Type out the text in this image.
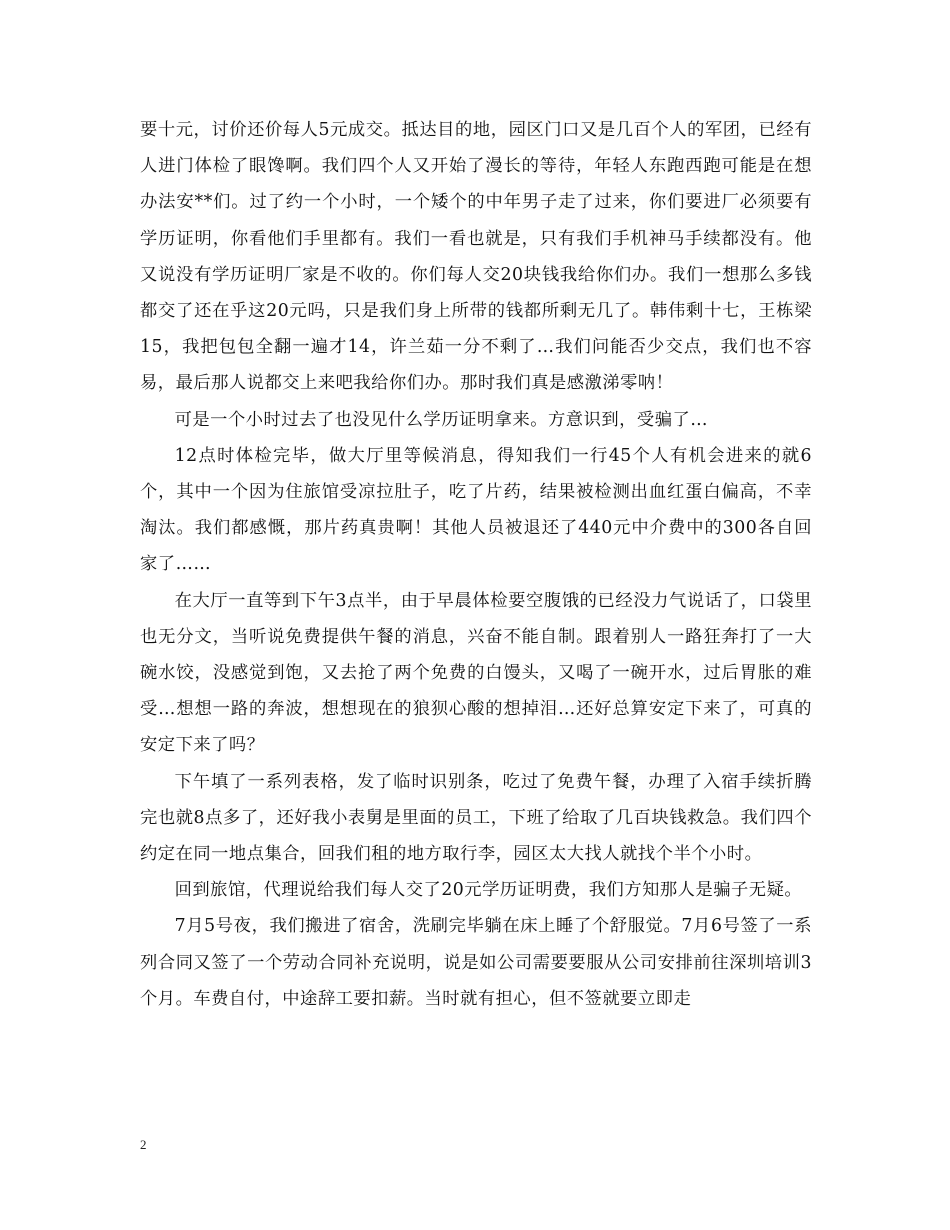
要十元，讨价还价每人5元成交。抵达目的地，园区门口又是几百个人的军团，已经有人进门体检了眼馋啊。我们四个人又开始了漫长的等待，年轻人东跑西跑可能是在想办法安**们。过了约一个小时，一个矮个的中年男子走了过来，你们要进厂必须要有学历证明，你看他们手里都有。我们一看也就是，只有我们手机神马手续都没有。他又说没有学历证明厂家是不收的。你们每人交20块钱我给你们办。我们一想那么多钱都交了还在乎这20元吗，只是我们身上所带的钱都所剩无几了。韩伟剩十七，王栋梁15，我把包包全翻一遍才14，许兰茹一分不剩了…我们问能否少交点，我们也不容易，最后那人说都交上来吧我给你们办。那时我们真是感激涕零呐！

可是一个小时过去了也没见什么学历证明拿来。方意识到，受骗了…

12点时体检完毕，做大厅里等候消息，得知我们一行45个人有机会进来的就6个，其中一个因为住旅馆受凉拉肚子，吃了片药，结果被检测出血红蛋白偏高，不幸淘汰。我们都感慨，那片药真贵啊！其他人员被退还了440元中介费中的300各自回家了……

在大厅一直等到下午3点半，由于早晨体检要空腹饿的已经没力气说话了，口袋里也无分文，当听说免费提供午餐的消息，兴奋不能自制。跟着别人一路狂奔打了一大碗水饺，没感觉到饱，又去抢了两个免费的白馒头，又喝了一碗开水，过后胃胀的难受…想想一路的奔波，想想现在的狼狈心酸的想掉泪…还好总算安定下来了，可真的安定下来了吗？

下午填了一系列表格，发了临时识别条，吃过了免费午餐，办理了入宿手续折腾完也就8点多了，还好我小表舅是里面的员工，下班了给取了几百块钱救急。我们四个约定在同一地点集合，回我们租的地方取行李，园区太大找人就找个半个小时。

回到旅馆，代理说给我们每人交了20元学历证明费，我们方知那人是骗子无疑。

7月5号夜，我们搬进了宿舍，洗刷完毕躺在床上睡了个舒服觉。7月6号签了一系列合同又签了一个劳动合同补充说明，说是如公司需要要服从公司安排前往深圳培训3个月。车费自付，中途辞工要扣薪。当时就有担心，但不签就要立即走

2
